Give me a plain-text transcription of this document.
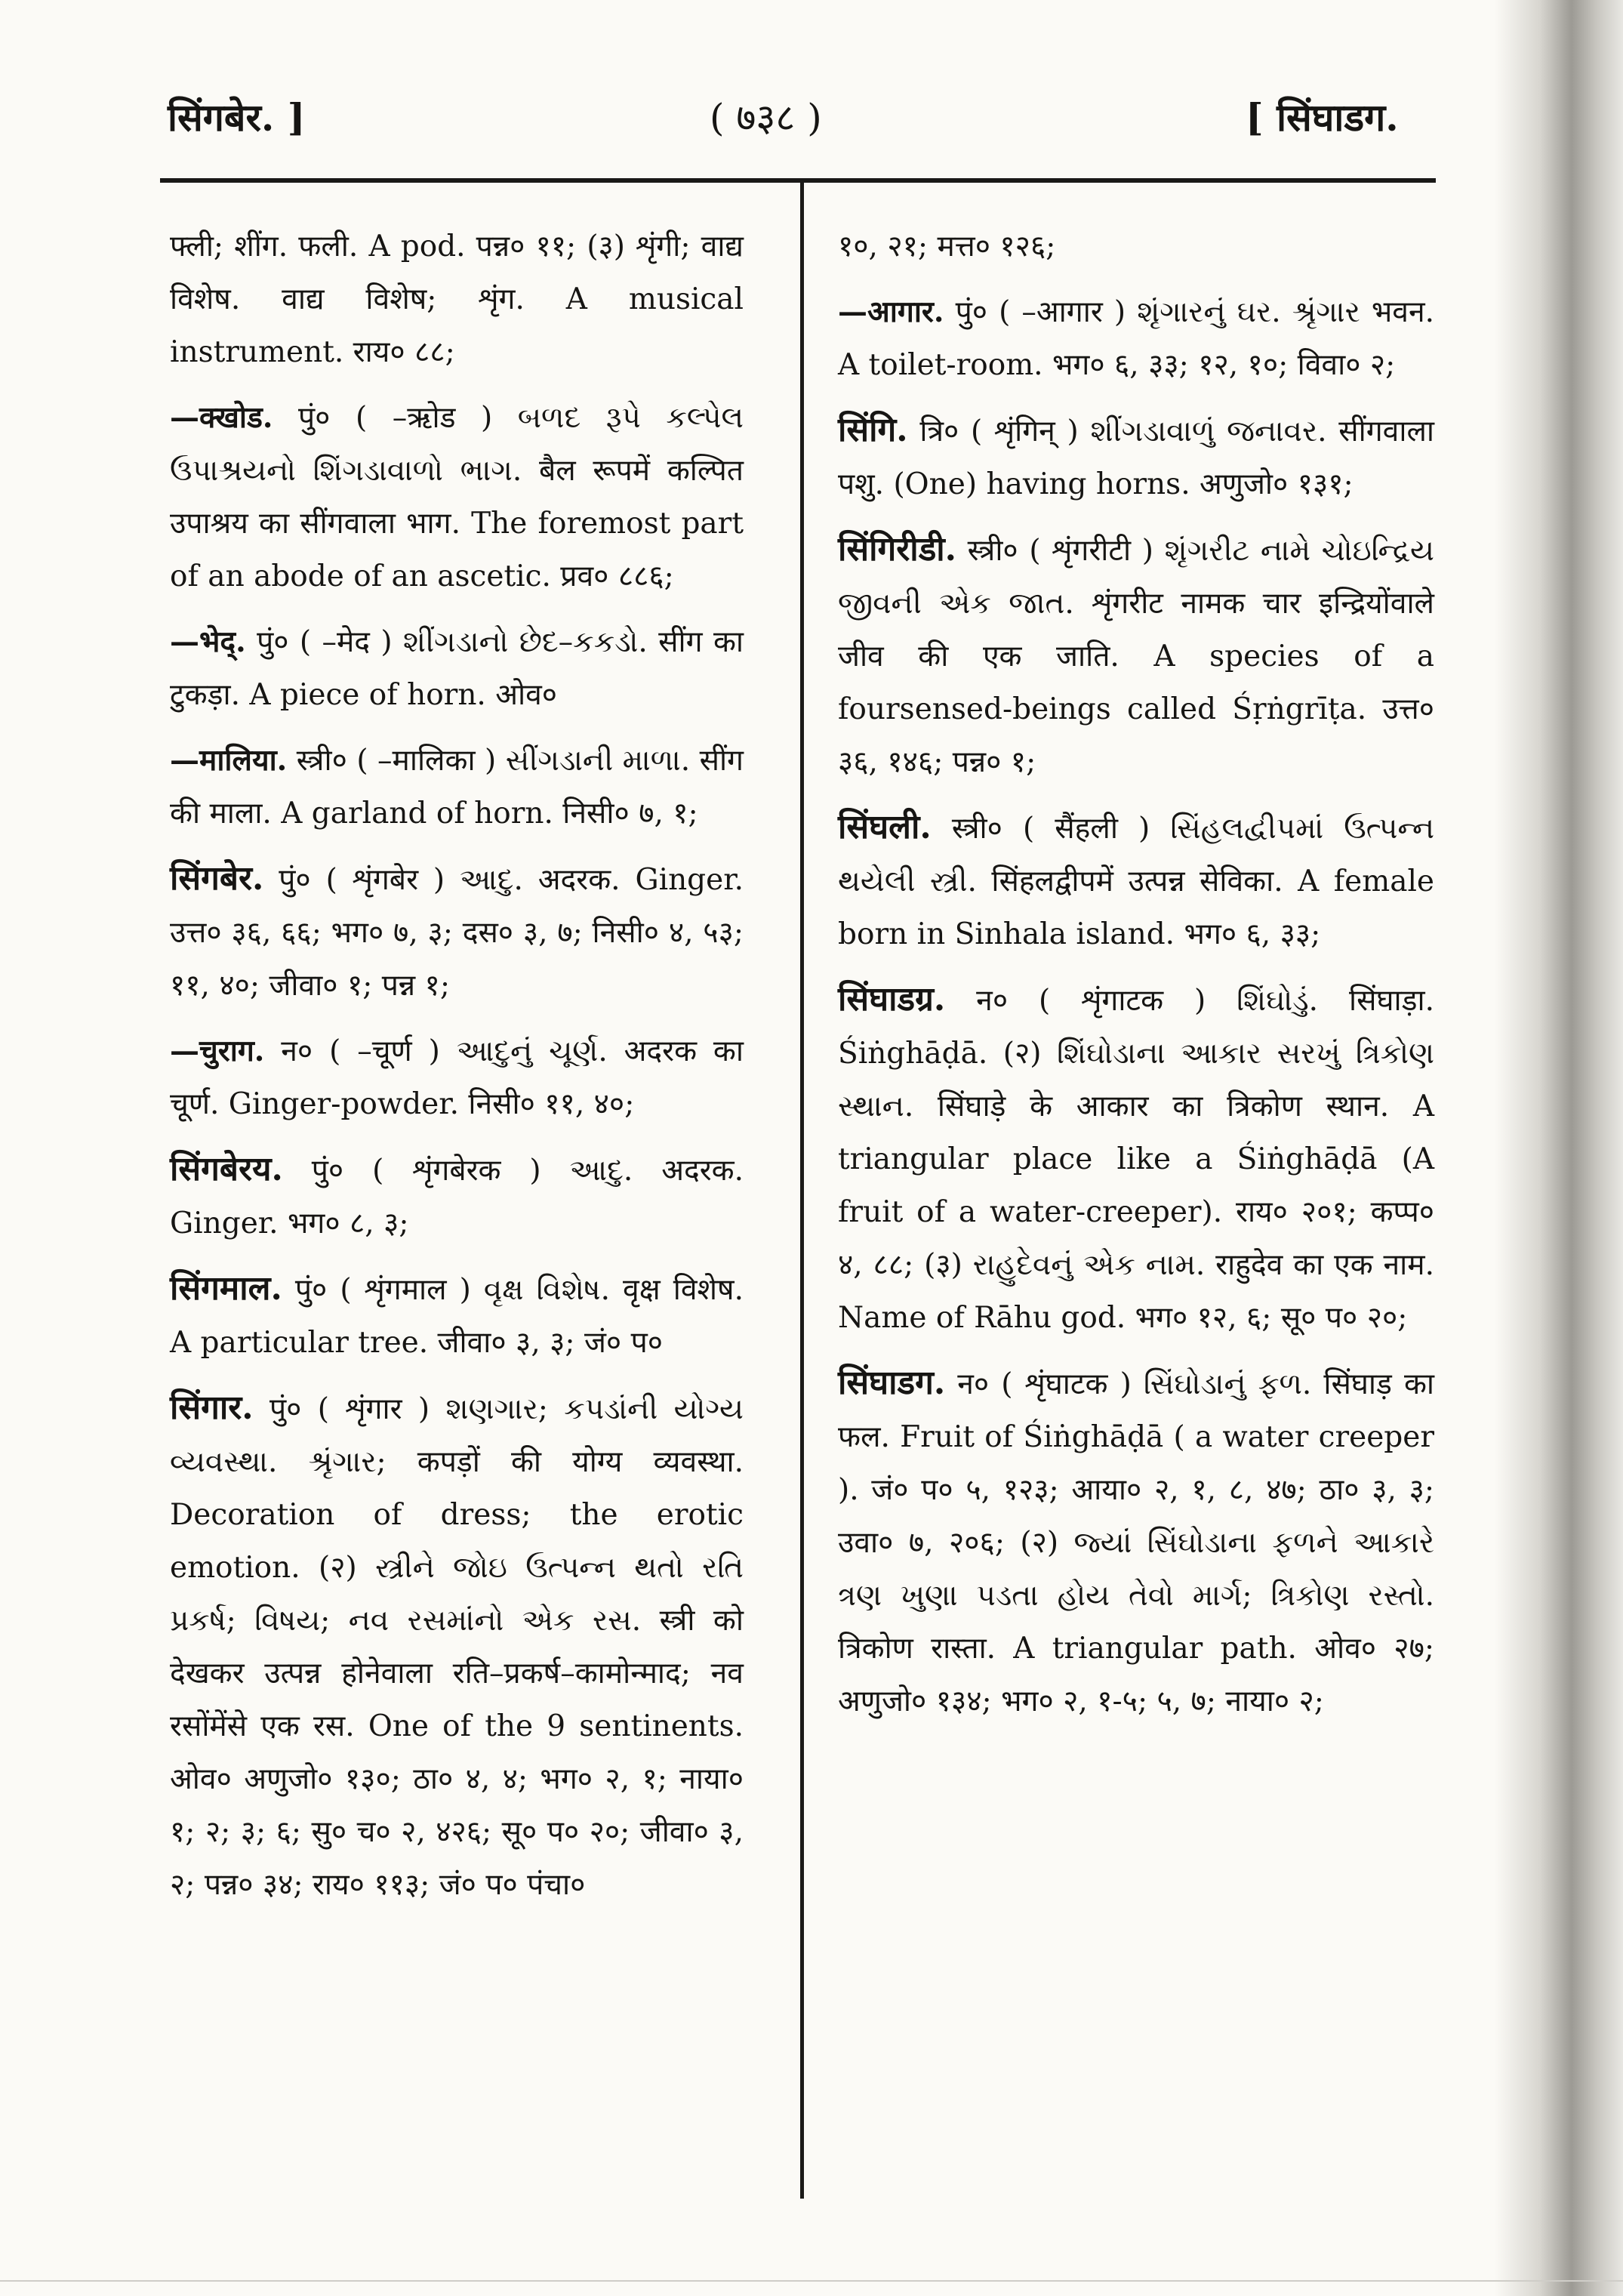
सिंगबेर. ]	( ७३८ )	[ सिंघाडग.

फ्ली; शींग. फली. A pod. पन्न० ११; (३) शृंगी; वाद्य विशेष. वाद्य विशेष; शृंग. A musical instrument. राय० ८८;

—क्खोड. पुं० ( –ऋोड ) બળદ રૂપે કલ્પેલ ઉપાશ્રયનો શિંગડાવાળો ભાગ. बैल रूपमें कल्पित उपाश्रय का सींगवाला भाग. The foremost part of an abode of an ascetic. प्रव० ८८६;

—भेद्. पुं० ( –मेद ) શીંગડાનો છેદ–કકડો. सींग का टुकड़ा. A piece of horn. ओव०

—मालिया. स्त्री० ( –मालिका ) સીંગડાની માળા. सींग की माला. A garland of horn. निसी० ७, १;

सिंगबेर. पुं० ( शृंगबेर ) આદુ. अदरक. Ginger. उत्त० ३६, ६६; भग० ७, ३; दस० ३, ७; निसी० ४, ५३; ११, ४०; जीवा० १; पन्न १;

—चुराग. न० ( –चूर्ण ) આદુનું ચૂર્ણ. अदरक का चूर्ण. Ginger-powder. निसी० ११, ४०;

सिंगबेरय. पुं० ( शृंगबेरक ) આદુ. अदरक. Ginger. भग० ८, ३;

सिंगमाल. पुं० ( शृंगमाल ) વૃક્ષ વિશેષ. वृक्ष विशेष. A particular tree. जीवा० ३, ३; जं० प०

सिंगार. पुं० ( शृंगार ) શણગાર; કપડાંની યોગ્ય વ્યવસ્થા. શ્રૃંગાર; कपड़ों की योग्य व्यवस्था. Decoration of dress; the erotic emotion. (२) સ્ત્રીને જોઇ ઉત્પન્ન થતો રતિ પ્રકર્ષ; વિષય; નવ રસમાંનો એક રસ. स्त्री को देखकर उत्पन्न होनेवाला रति–प्रकर्ष–कामोन्माद; नव रसोंमेंसे एक रस. One of the 9 sentinents. ओव० अणुजो० १३०; ठा० ४, ४; भग० २, १; नाया० १; २; ३; ६; सु० च० २, ४२६; सू० प० २०; जीवा० ३, २; पन्न० ३४; राय० ११३; जं० प० पंचा०

१०, २१; मत्त० १२६;

—आगार. पुं० ( –आगार ) શૃંગારનું ઘર. શ્રૃંગાર भवन. A toilet-room. भग० ६, ३३; १२, १०; विवा० २;

सिंगि. त्रि० ( शृंगिन् ) શીંગડાવાળું જનાવર. सींगवाला पशु. (One) having horns. अणुजो० १३१;

सिंगिरीडी. स्त्री० ( शृंगरीटी ) શૃંગરીટ નામે ચોઇન્દ્રિય જીવની એક જાત. शृंगरीट नामक चार इन्द्रियोंवाले जीव की एक जाति. A species of a foursensed-beings called Śṛṅgrīṭa. उत्त० ३६, १४६; पन्न० १;

सिंघली. स्त्री० ( सैंहली ) સિંહલદ્વીપમાં ઉત્પન્ન થયેલી સ્ત્રી. सिंहलद्वीपमें उत्पन्न सेविका. A female born in Sinhala island. भग० ६, ३३;

सिंघाडग्र. न० ( शृंगाटक ) શિંઘોડું. सिंघाड़ा. Śiṅghāḍā. (२) શિંઘોડાના આકાર સરખું ત્રિકોણ સ્થાન. सिंघाड़े के आकार का त्रिकोण स्थान. A triangular place like a Śiṅghāḍā (A fruit of a water-creeper). राय० २०१; कप्प० ४, ८८; (३) રાહુદેવનું એક નામ. राहुदेव का एक नाम. Name of Rāhu god. भग० १२, ६; सू० प० २०;

सिंघाडग. न० ( शृंघाटक ) સિંઘોડાનું ફળ. सिंघाड़ का फल. Fruit of Śiṅghāḍā ( a water creeper ). जं० प० ५, १२३; आया० २, १, ८, ४७; ठा० ३, ३; उवा० ७, २०६; (२) જ્યાં સિંઘોડાના ફળને આકારે ત્રણ ખુણા પડતા હોય તેવો માર્ગ; ત્રિકોણ રસ્તો. त्रिकोण रास्ता. A triangular path. ओव० २७; अणुजो० १३४; भग० २, १-५; ५, ७; नाया० २;
